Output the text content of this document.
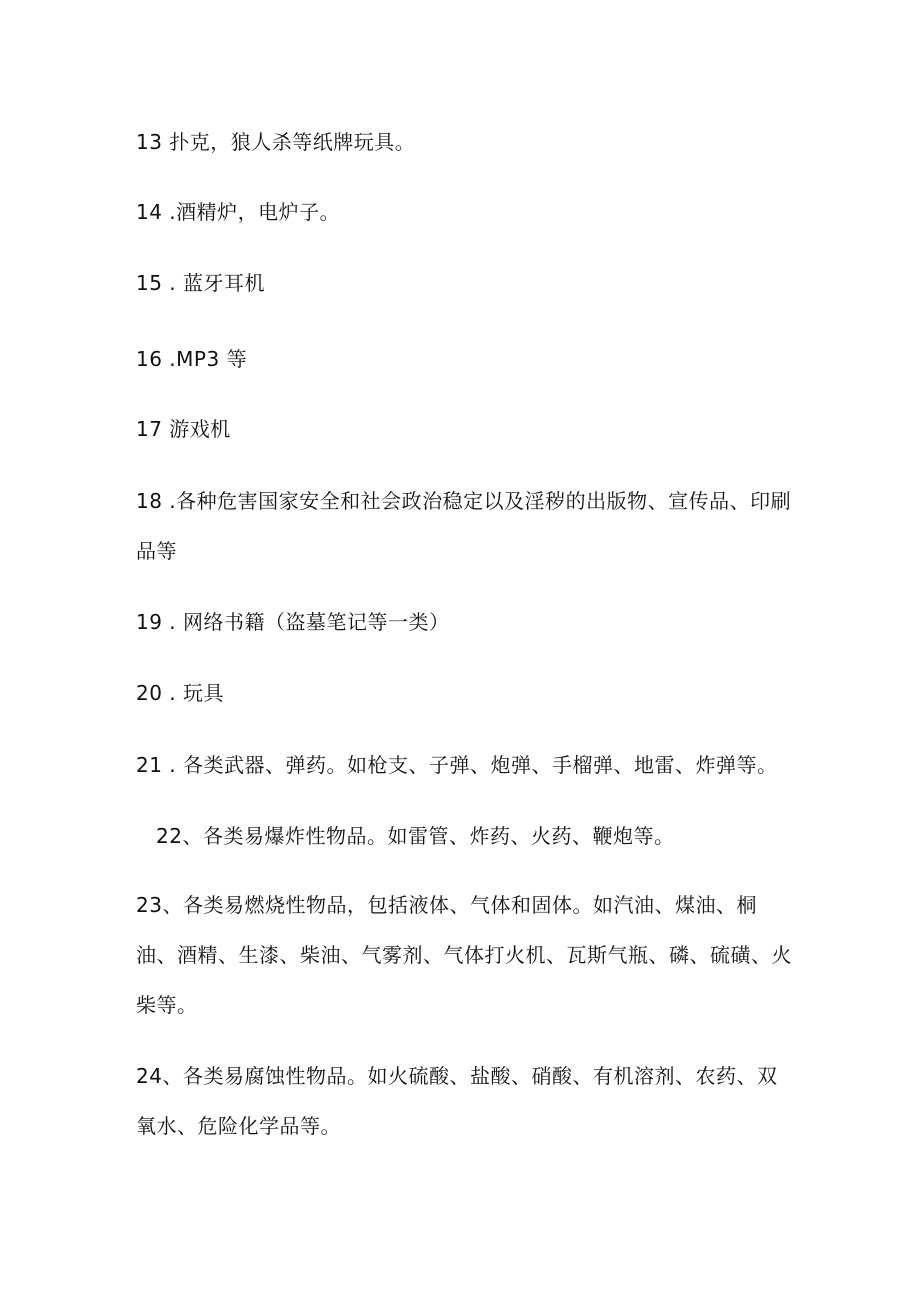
13 扑克，狼人杀等纸牌玩具。
14 .酒精炉，电炉子。
15 . 蓝牙耳机
16 .MP3 等
17 游戏机
18 .各种危害国家安全和社会政治稳定以及淫秽的出版物、宣传品、印刷品等
19 . 网络书籍（盗墓笔记等一类）
20 . 玩具
21 . 各类武器、弹药。如枪支、子弹、炮弹、手榴弹、地雷、炸弹等。
22、各类易爆炸性物品。如雷管、炸药、火药、鞭炮等。
23、各类易燃烧性物品，包括液体、气体和固体。如汽油、煤油、桐油、酒精、生漆、柴油、气雾剂、气体打火机、瓦斯气瓶、磷、硫磺、火柴等。
24、各类易腐蚀性物品。如火硫酸、盐酸、硝酸、有机溶剂、农药、双氧水、危险化学品等。
